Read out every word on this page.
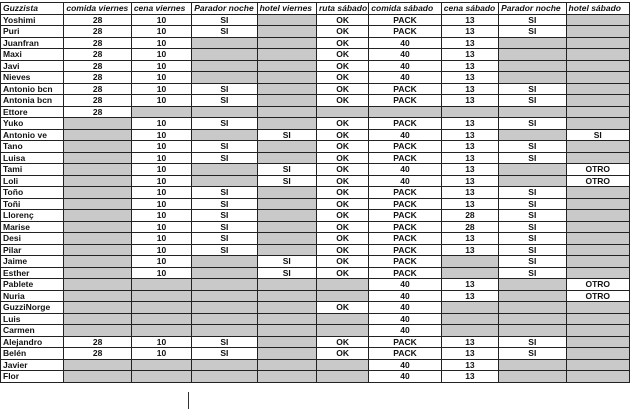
Guzzista	comida viernes	cena viernes	Parador noche	hotel viernes	ruta sábado	comida sábado	cena sábado	Parador noche	hotel sábado
Yoshimi	28	10	SI		OK	PACK	13	SI	
Puri	28	10	SI		OK	PACK	13	SI	
Juanfran	28	10			OK	40	13		
Maxi	28	10			OK	40	13		
Javi	28	10			OK	40	13		
Nieves	28	10			OK	40	13		
Antonio bcn	28	10	SI		OK	PACK	13	SI	
Antonia bcn	28	10	SI		OK	PACK	13	SI	
Ettore	28								
Yuko		10	SI		OK	PACK	13	SI	
Antonio ve		10		SI	OK	40	13		SI
Tano		10	SI		OK	PACK	13	SI	
Luisa		10	SI		OK	PACK	13	SI	
Tami		10		SI	OK	40	13		OTRO
Loli		10		SI	OK	40	13		OTRO
Toño		10	SI		OK	PACK	13	SI	
Toñi		10	SI		OK	PACK	13	SI	
Llorenç		10	SI		OK	PACK	28	SI	
Marise		10	SI		OK	PACK	28	SI	
Desi		10	SI		OK	PACK	13	SI	
Pilar		10	SI		OK	PACK	13	SI	
Jaime		10		SI	OK	PACK		SI	
Esther		10		SI	OK	PACK		SI	
Pablete						40	13		OTRO
Nuria						40	13		OTRO
GuzziNorge					OK	40			
Luis						40			
Carmen						40			
Alejandro	28	10	SI		OK	PACK	13	SI	
Belén	28	10	SI		OK	PACK	13	SI	
Javier						40	13		
Flor						40	13		
